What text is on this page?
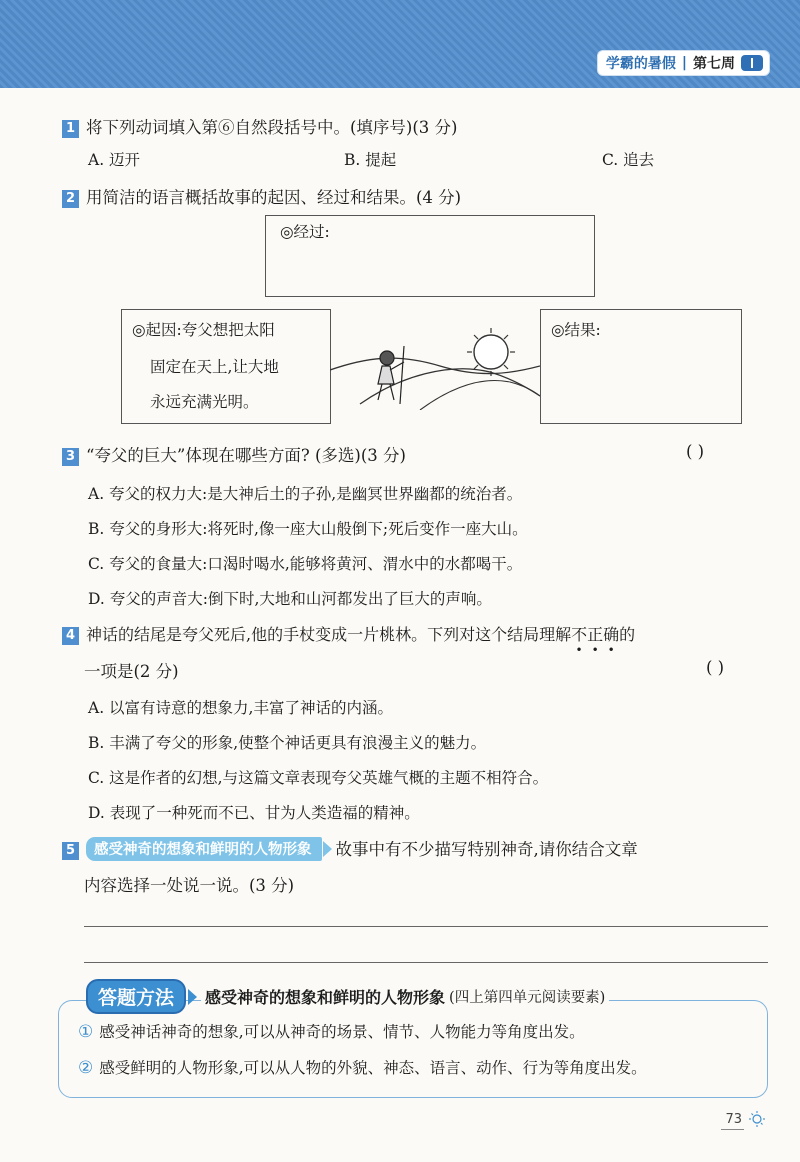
学霸的暑假 | 第七周
1 将下列动词填入第⑥自然段括号中。(填序号)(3 分)
A. 迈开	B. 提起	C. 追去
2 用简洁的语言概括故事的起因、经过和结果。(4 分)
◎经过:
◎起因:夸父想把太阳
固定在天上,让大地
永远充满光明。
◎结果:
3 “夸父的巨大”体现在哪些方面? (多选)(3 分)	( )
A. 夸父的权力大:是大神后土的子孙,是幽冥世界幽都的统治者。
B. 夸父的身形大:将死时,像一座大山般倒下;死后变作一座大山。
C. 夸父的食量大:口渴时喝水,能够将黄河、渭水中的水都喝干。
D. 夸父的声音大:倒下时,大地和山河都发出了巨大的声响。
4 神话的结尾是夸父死后,他的手杖变成一片桃林。下列对这个结局理解不正确的
一项是(2 分)	( )
A. 以富有诗意的想象力,丰富了神话的内涵。
B. 丰满了夸父的形象,使整个神话更具有浪漫主义的魅力。
C. 这是作者的幻想,与这篇文章表现夸父英雄气概的主题不相符合。
D. 表现了一种死而不已、甘为人类造福的精神。
5 感受神奇的想象和鲜明的人物形象 故事中有不少描写特别神奇,请你结合文章
内容选择一处说一说。(3 分)
答题方法	感受神奇的想象和鲜明的人物形象 (四上第四单元阅读要素)
① 感受神话神奇的想象,可以从神奇的场景、情节、人物能力等角度出发。
② 感受鲜明的人物形象,可以从人物的外貌、神态、语言、动作、行为等角度出发。
73
